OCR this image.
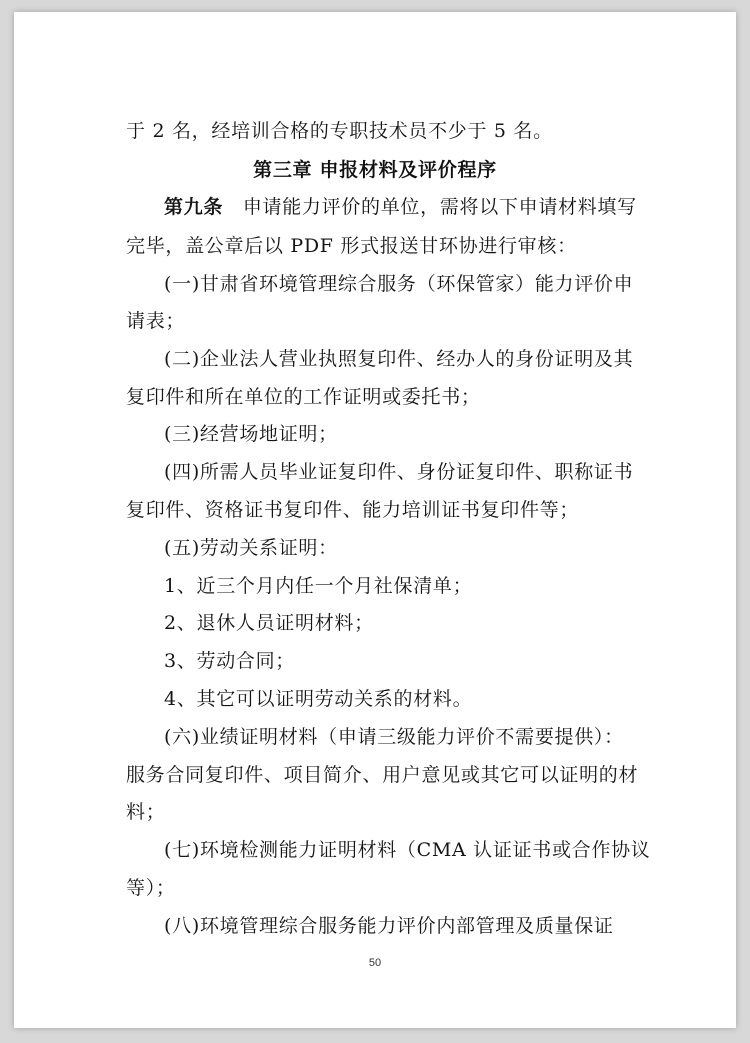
于 2 名，经培训合格的专职技术员不少于 5 名。
第三章 申报材料及评价程序
第九条　 申请能力评价的单位，需将以下申请材料填写
完毕，盖公章后以 PDF 形式报送甘环协进行审核：
(一)甘肃省环境管理综合服务（环保管家）能力评价申
请表；
(二)企业法人营业执照复印件、经办人的身份证明及其
复印件和所在单位的工作证明或委托书；
(三)经营场地证明；
(四)所需人员毕业证复印件、身份证复印件、职称证书
复印件、资格证书复印件、能力培训证书复印件等；
(五)劳动关系证明：
1、近三个月内任一个月社保清单；
2、退休人员证明材料；
3、劳动合同；
4、其它可以证明劳动关系的材料。
(六)业绩证明材料（申请三级能力评价不需要提供）：
服务合同复印件、项目简介、用户意见或其它可以证明的材
料；
(七)环境检测能力证明材料（CMA 认证证书或合作协议
等）；
(八)环境管理综合服务能力评价内部管理及质量保证
50
